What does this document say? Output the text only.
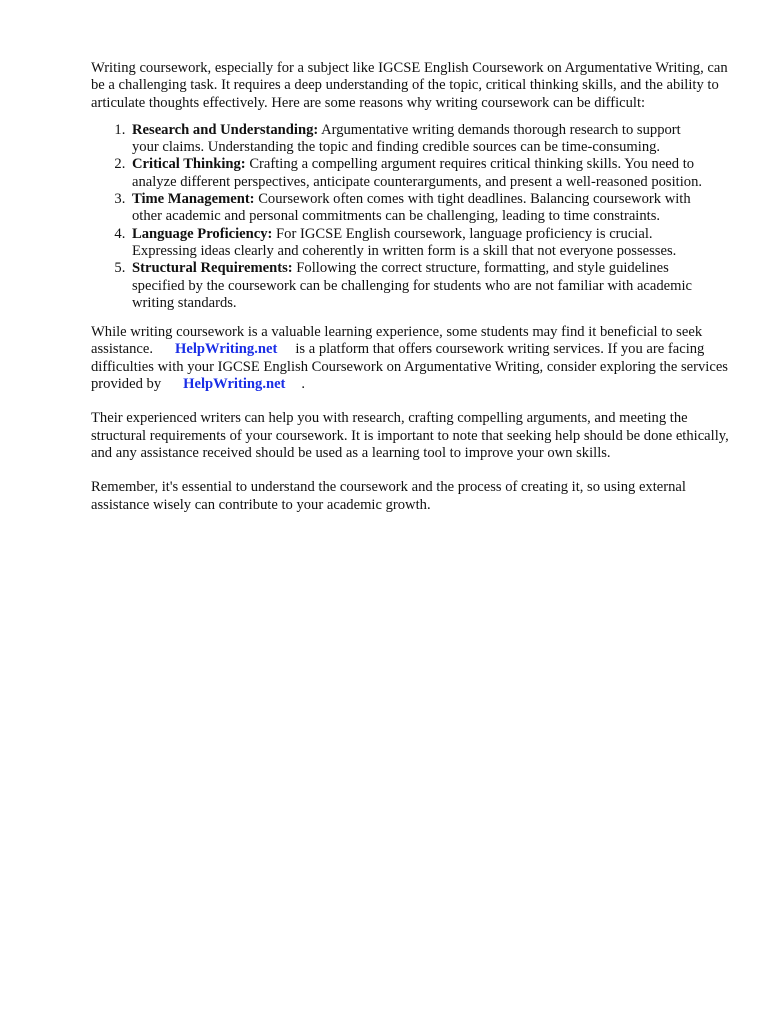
Writing coursework, especially for a subject like IGCSE English Coursework on Argumentative Writing, can be a challenging task. It requires a deep understanding of the topic, critical thinking skills, and the ability to articulate thoughts effectively. Here are some reasons why writing coursework can be difficult:

1. Research and Understanding: Argumentative writing demands thorough research to support your claims. Understanding the topic and finding credible sources can be time-consuming.
2. Critical Thinking: Crafting a compelling argument requires critical thinking skills. You need to analyze different perspectives, anticipate counterarguments, and present a well-reasoned position.
3. Time Management: Coursework often comes with tight deadlines. Balancing coursework with other academic and personal commitments can be challenging, leading to time constraints.
4. Language Proficiency: For IGCSE English coursework, language proficiency is crucial. Expressing ideas clearly and coherently in written form is a skill that not everyone possesses.
5. Structural Requirements: Following the correct structure, formatting, and style guidelines specified by the coursework can be challenging for students who are not familiar with academic writing standards.

While writing coursework is a valuable learning experience, some students may find it beneficial to seek assistance. HelpWriting.net is a platform that offers coursework writing services. If you are facing difficulties with your IGCSE English Coursework on Argumentative Writing, consider exploring the services provided by HelpWriting.net .

Their experienced writers can help you with research, crafting compelling arguments, and meeting the structural requirements of your coursework. It is important to note that seeking help should be done ethically, and any assistance received should be used as a learning tool to improve your own skills.

Remember, it's essential to understand the coursework and the process of creating it, so using external assistance wisely can contribute to your academic growth.
